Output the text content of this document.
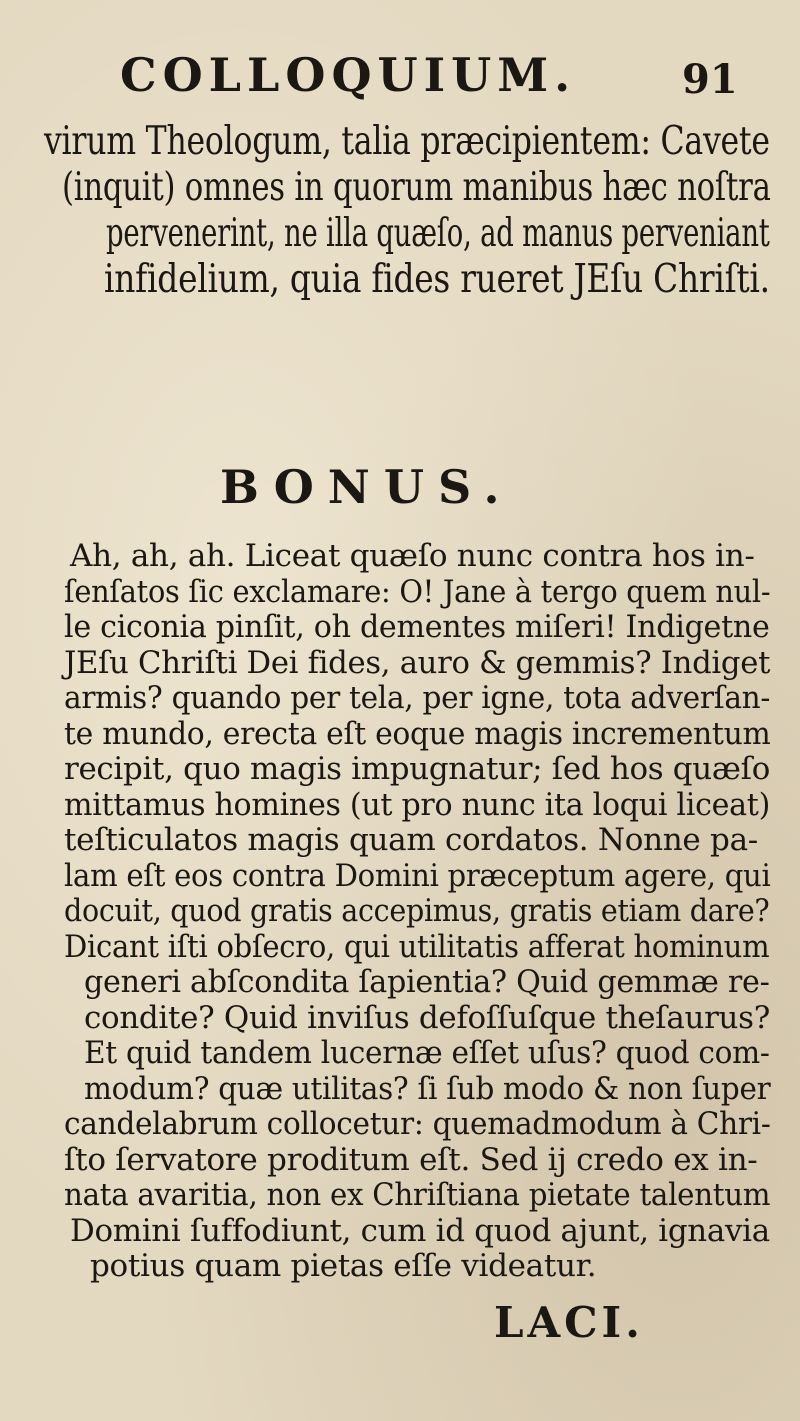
COLLOQUIUM.	91
virum Theologum, talia præcipientem: Cavete
(inquit) omnes in quorum manibus hæc noſtra
pervenerint, ne illa quæſo, ad manus perveniant
infidelium, quia fides rueret JEſu Chriſti.
BONUS.
Ah, ah, ah. Liceat quæſo nunc contra hos in-
ſenſatos ſic exclamare: O! Jane à tergo quem nul-
le ciconia pinſit, oh dementes miſeri! Indigetne
JEſu Chriſti Dei fides, auro & gemmis? Indiget
armis? quando per tela, per igne, tota adverſan-
te mundo, erecta eſt eoque magis incrementum
recipit, quo magis impugnatur; ſed hos quæſo
mittamus homines (ut pro nunc ita loqui liceat)
teſticulatos magis quam cordatos. Nonne pa-
lam eſt eos contra Domini præceptum agere, qui
docuit, quod gratis accepimus, gratis etiam dare?
Dicant iſti obſecro, qui utilitatis afferat hominum
generi abſcondita ſapientia? Quid gemmæ re-
condite? Quid inviſus defoſſuſque theſaurus?
Et quid tandem lucernæ eſſet uſus? quod com-
modum? quæ utilitas? ſi ſub modo & non ſuper
candelabrum collocetur: quemadmodum à Chri-
ſto ſervatore proditum eſt. Sed ij credo ex in-
nata avaritia, non ex Chriſtiana pietate talentum
Domini ſuffodiunt, cum id quod ajunt, ignavia
potius quam pietas eſſe videatur.
LACI.
